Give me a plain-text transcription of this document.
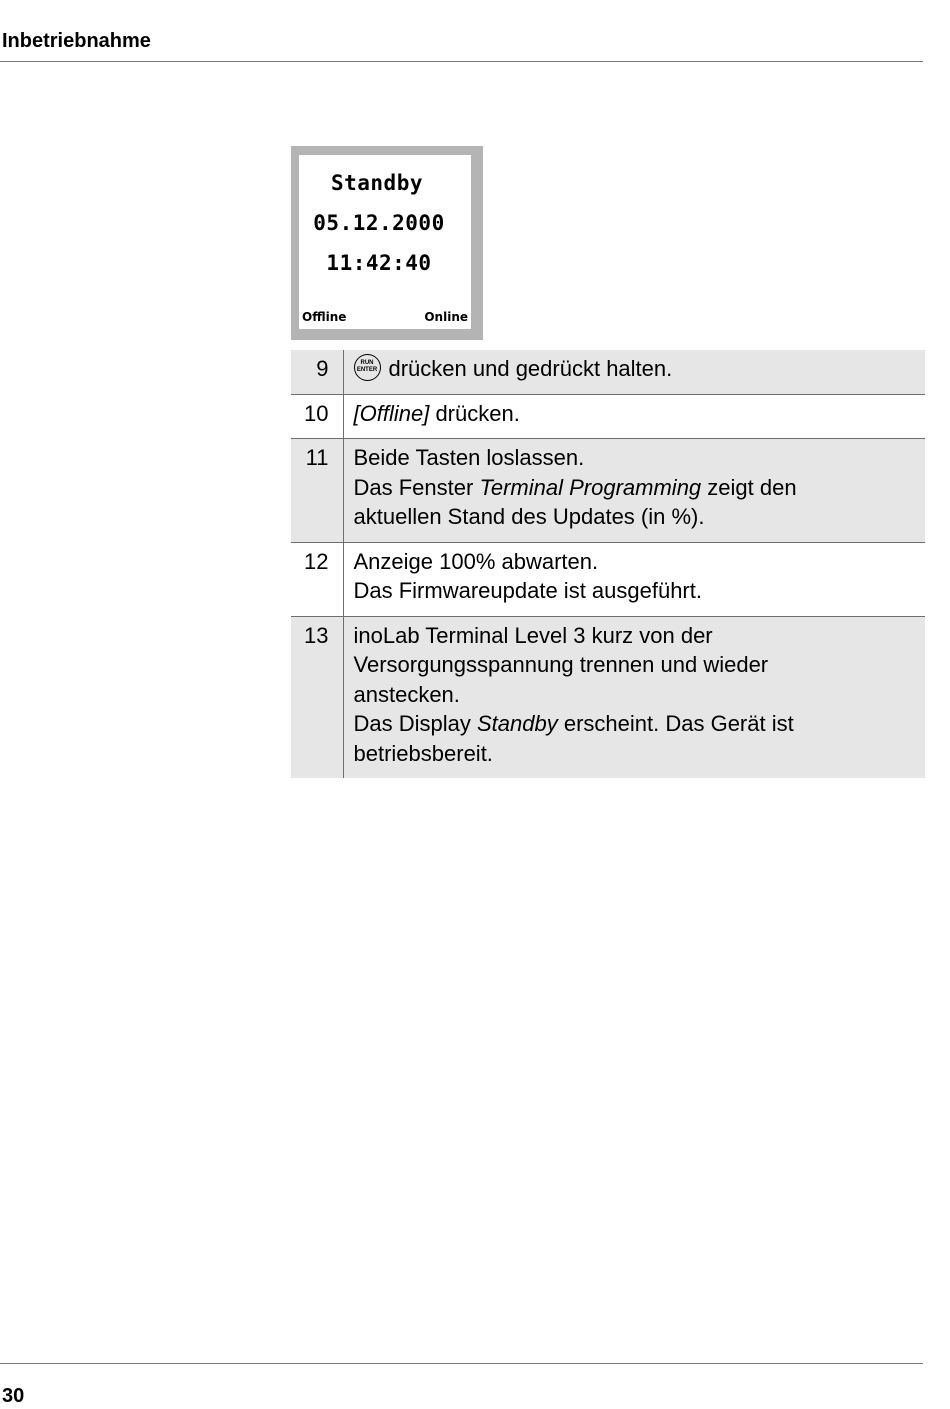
Inbetriebnahme
Standby
05.12.2000
11:42:40
Offline	Online
9	RUN
ENTER drücken und gedrückt halten.

10	[Offline] drücken.

11	Beide Tasten loslassen.
Das Fenster Terminal Programming zeigt den
aktuellen Stand des Updates (in %).

12	Anzeige 100% abwarten.
Das Firmwareupdate ist ausgeführt.

13	inoLab Terminal Level 3 kurz von der
Versorgungsspannung trennen und wieder
anstecken.
Das Display Standby erscheint. Das Gerät ist
betriebsbereit.
30
